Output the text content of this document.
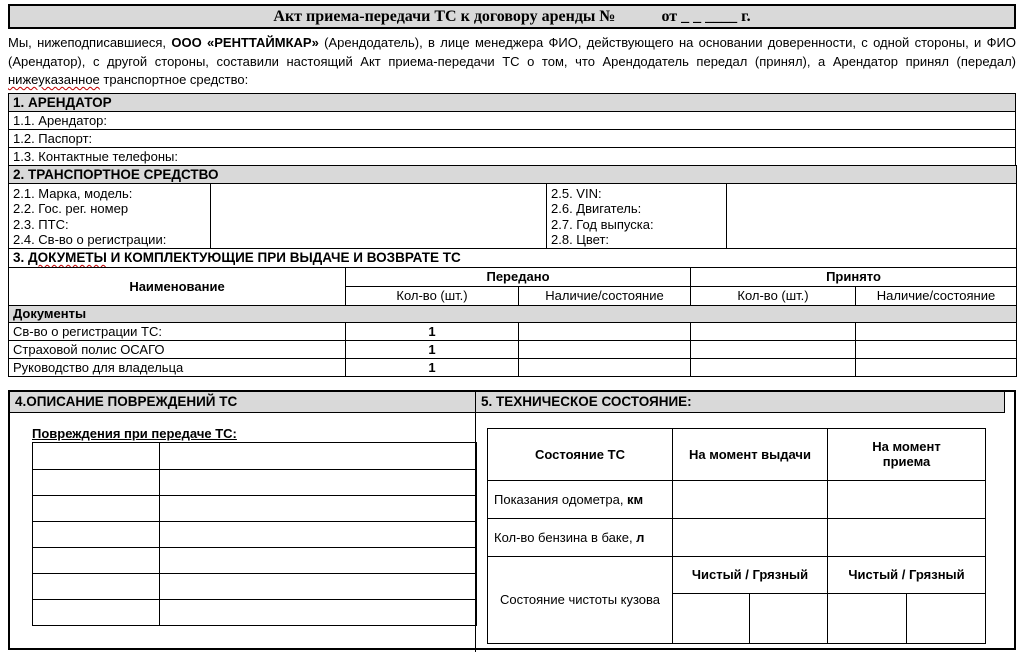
Акт приема-передачи ТС к договору аренды №	от _ _ ____ г.
Мы, нижеподписавшиеся, ООО «РЕНТТАЙМКАР» (Арендодатель), в лице менеджера ФИО, действующего на основании доверенности, с одной стороны, и ФИО (Арендатор), с другой стороны, составили настоящий Акт приема-передачи ТС о том, что Арендодатель передал (принял), а Арендатор принял (передал) нижеуказанное транспортное средство:
1. АРЕНДАТОР
1.1. Арендатор:
1.2. Паспорт:
1.3. Контактные телефоны:
2. ТРАНСПОРТНОЕ СРЕДСТВО

2.1. Марка, модель:
2.2. Гос. рег. номер
2.3. ПТС:
2.4. Св-во о регистрации:

2.5. VIN:
2.6. Двигатель:
2.7. Год выпуска:
2.8. Цвет:

3. ДОКУМЕТЫ И КОМПЛЕКТУЮЩИЕ ПРИ ВЫДАЧЕ И ВОЗВРАТЕ ТС				
Наименование	Передано		Принято	
	Кол-во (шт.)	Наличие/состояние	Кол-во (шт.)	Наличие/состояние
Документы				
Св-во о регистрации ТС:	1			
Страховой полис ОСАГО	1			
Руководство для владельца	1			
4.ОПИСАНИЕ ПОВРЕЖДЕНИЙ ТС	5. ТЕХНИЧЕСКОЕ СОСТОЯНИЕ:
Повреждения при передаче ТС:

Состояние ТС	На момент выдачи		На момент приема	
Показания одометра, км				
Кол-во бензина в баке, л				
Состояние чистоты кузова	Чистый / Грязный		Чистый / Грязный	
